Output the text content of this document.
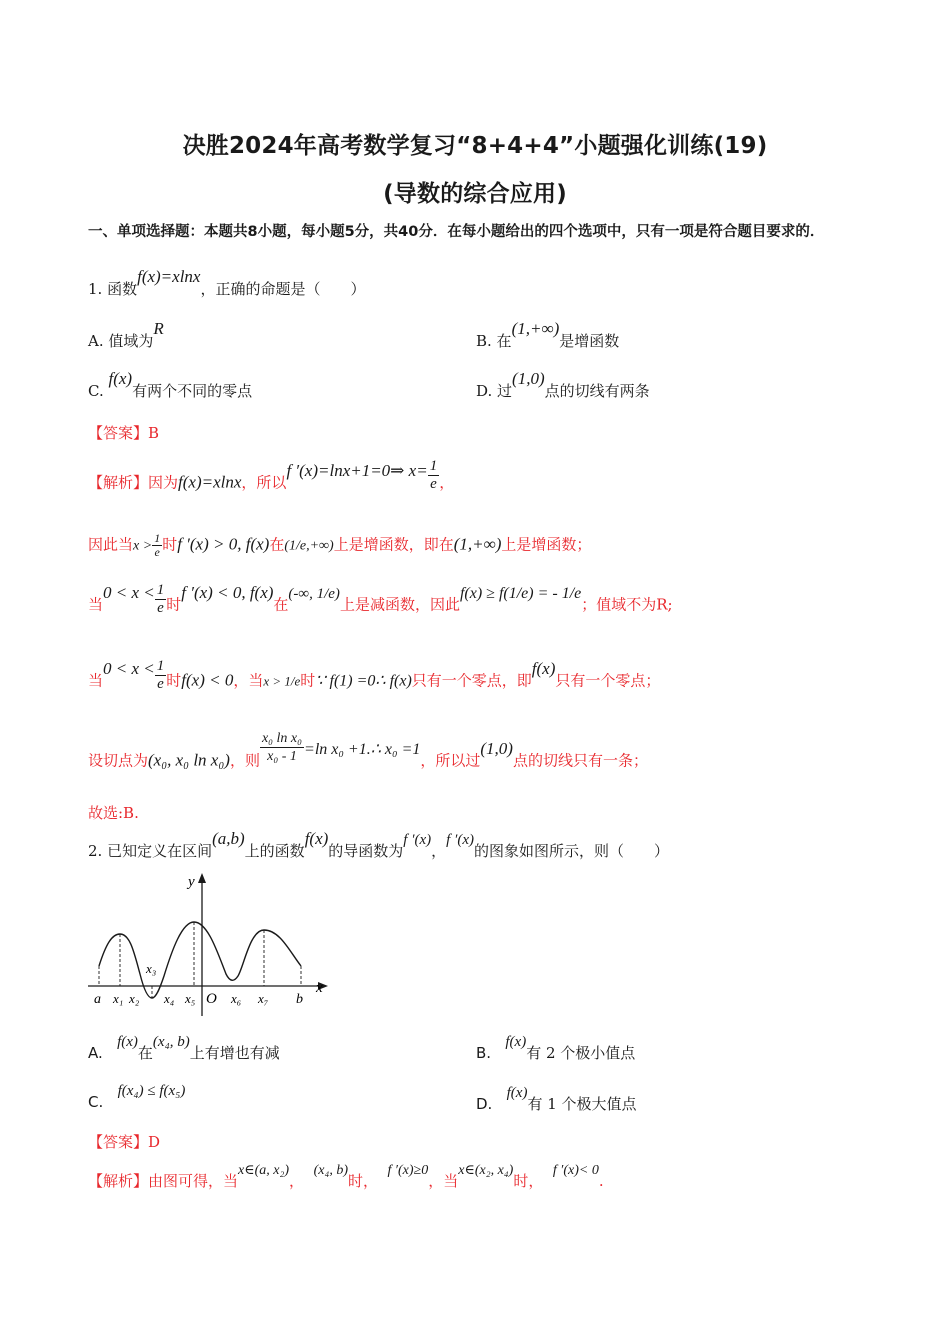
决胜2024年高考数学复习“8+4+4”小题强化训练(19)
(导数的综合应用)
一、单项选择题：本题共8小题，每小题5分，共40分．在每小题给出的四个选项中，只有一项是符合题目要求的．
1. 函数f(x)=xlnx，正确的命题是（　　）
A. 值域为R
B. 在(1,+∞)是增函数
C. f(x)有两个不同的零点	D. 过(1,0)点的切线有两条
【答案】B
【解析】因为f(x)=xlnx，所以f ′(x)=lnx+1=0⇒ $x= \frac{1}{e}$ ，
因此当$x > \frac{1}{e}$ 时f ′(x) > 0, f(x)在(1/e,+∞)上是增函数，即在(1,+∞)上是增函数；
当$0 < x < \frac{1}{e}$ 时f ′(x) < 0, f(x)在(-∞, 1/e)上是减函数，因此f(x) ≥ f(1/e) = - 1/e；值域不为R;
当$0 < x < \frac{1}{e}$ 时f(x) < 0，当x > 1/e时∵ f(1) =0∴ f(x)只有一个零点，即f(x)只有一个零点；
设切点为(x₀, x₀ ln x₀)，则 $\frac{\text{x₀ ln x₀}}{\text{x₀ - 1}} =\ln$ x₀ +1.∴ x₀ =1，所以过(1,0)点的切线只有一条；
故选:B.
2. 已知定义在区间(a,b)上的函数f(x)的导函数为f ′(x)，f ′(x)的图象如图所示，则（　　）
y
x
a x₁ x₂
x₃
x₄ x₅ O x₆ x₇ b
A.   f(x)在(x₄, b)上有增也有减	B.   f(x)有 2 个极小值点
C.   f(x₄) ≤ f(x₅)
D.   f(x)有 1 个极大值点
【答案】D
【解析】由图可得，当x∈(a, x₂)，  (x₄, b)时，  f ′(x)≥0，当x∈(x₂, x₄)时，  f ′(x)< 0.
